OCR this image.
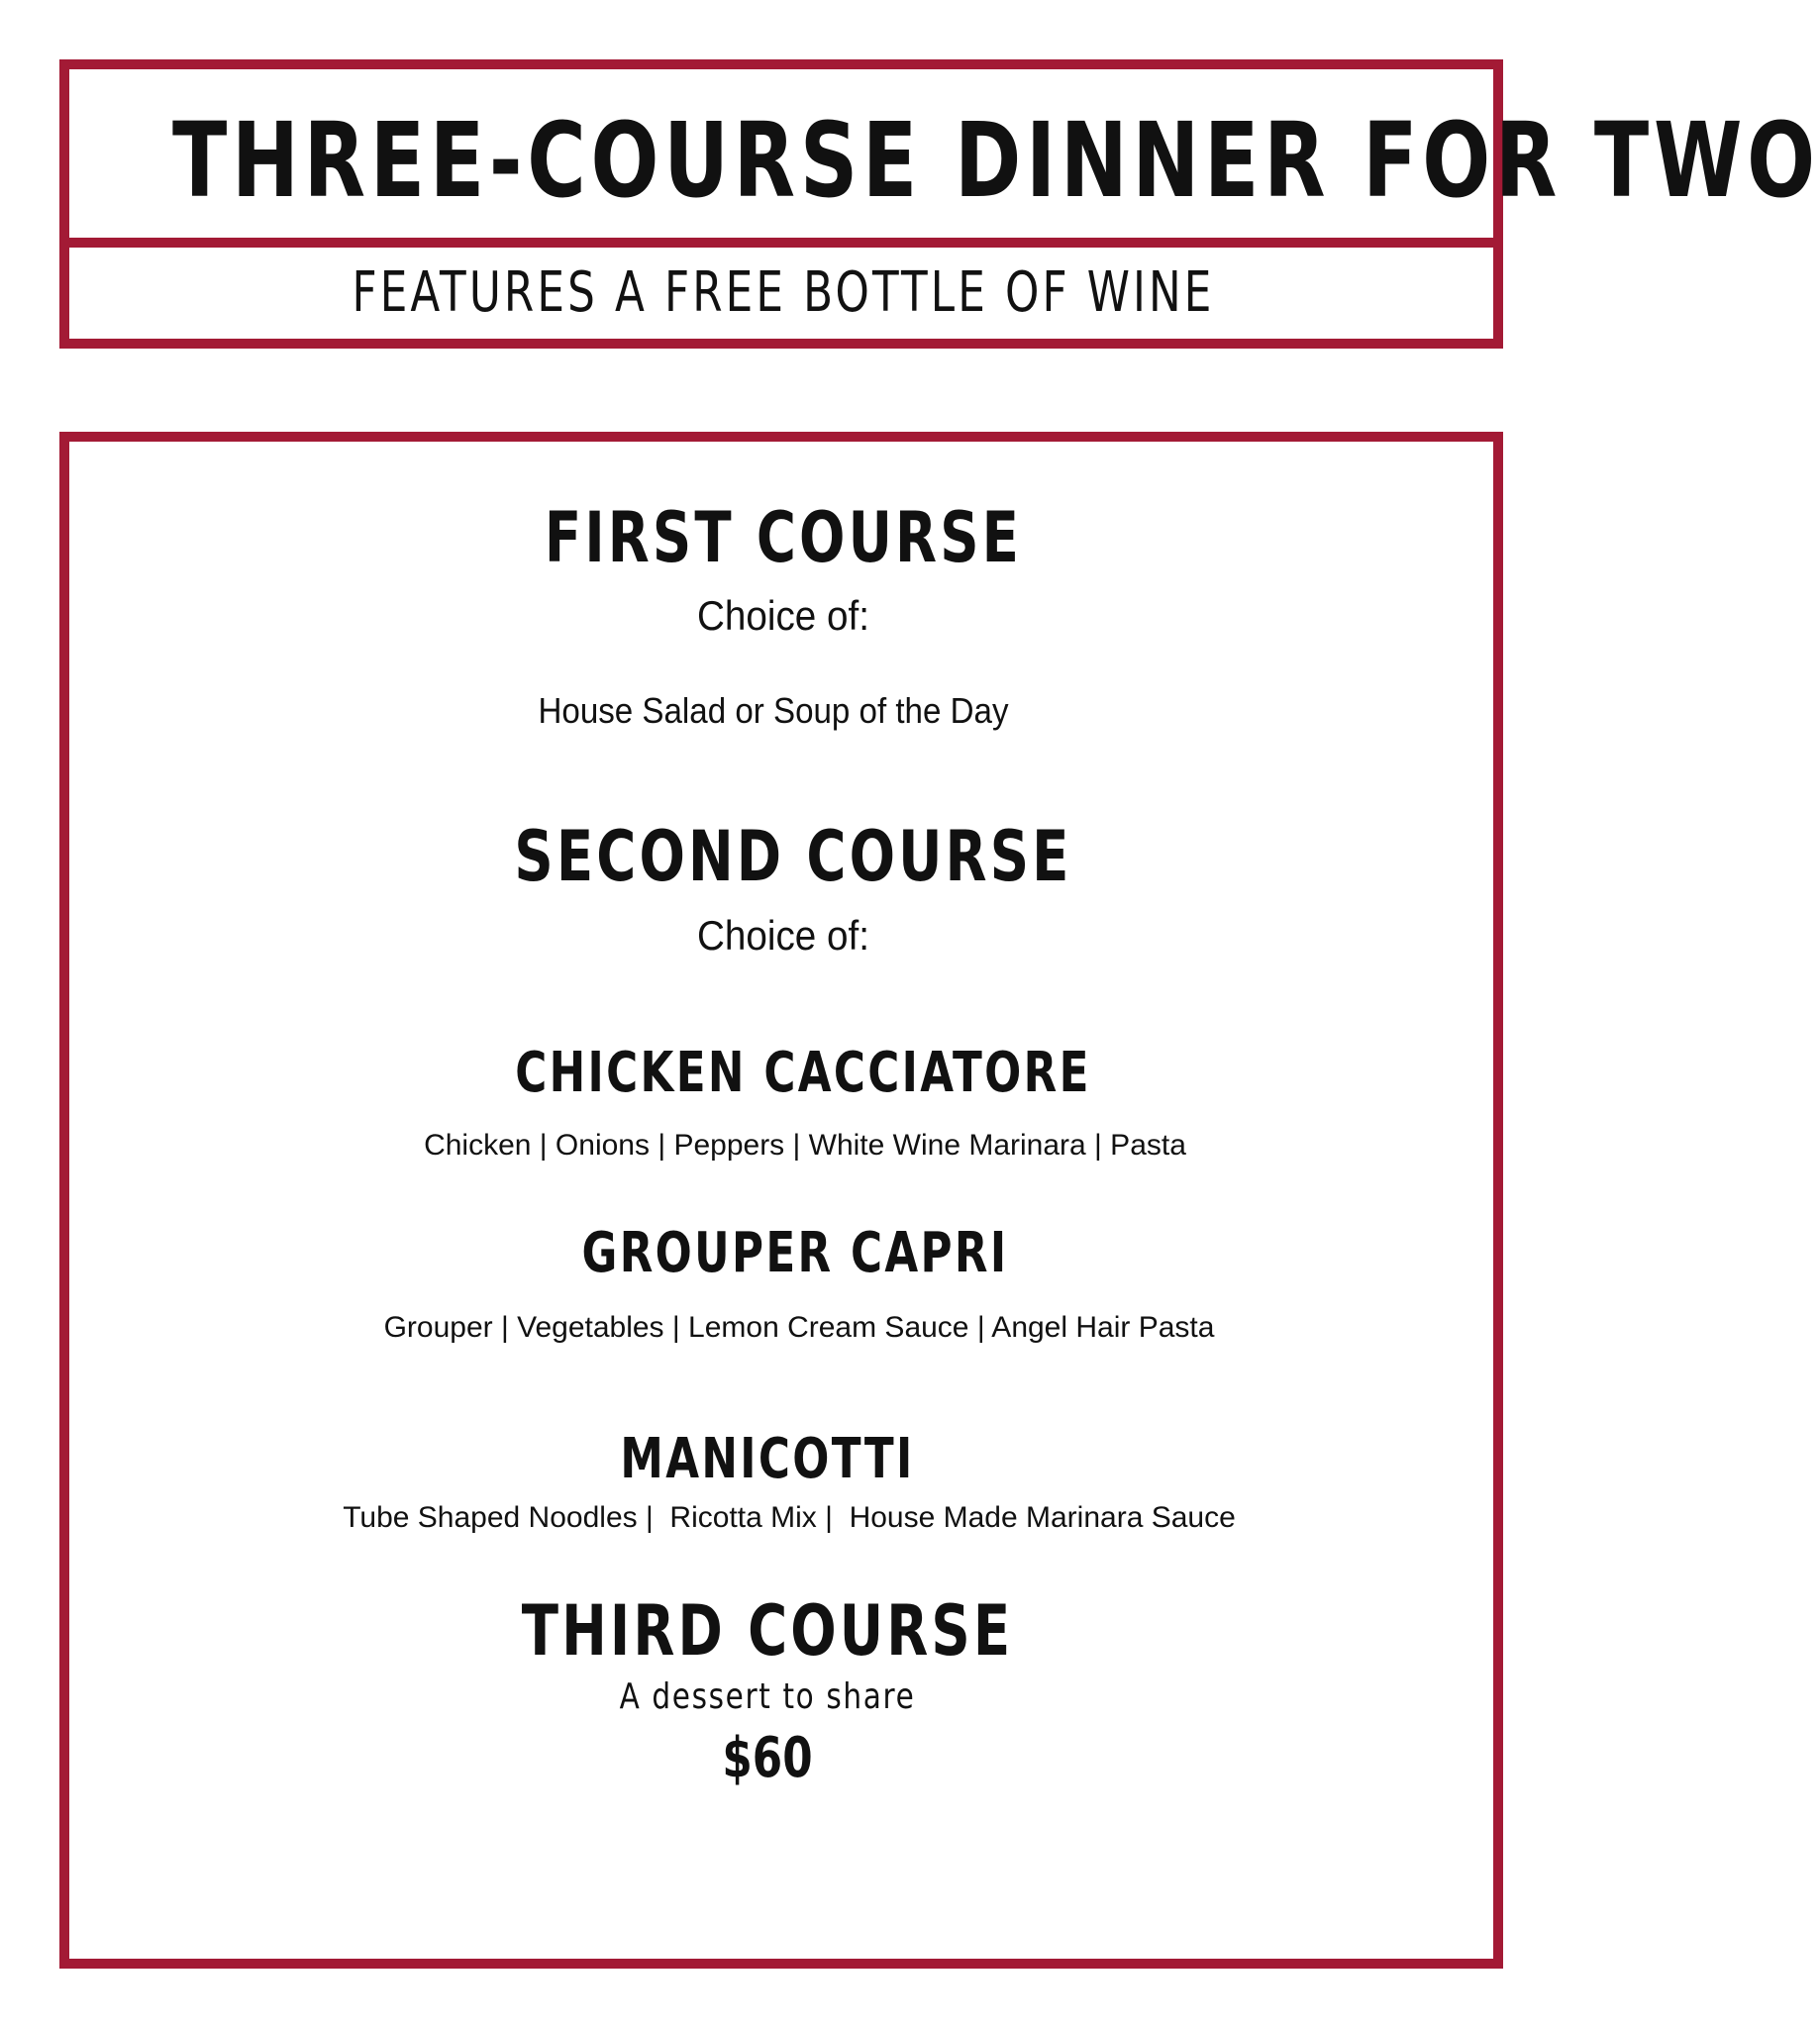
THREE-COURSE DINNER FOR TWO
FEATURES A FREE BOTTLE OF WINE
FIRST COURSE
Choice of:
House Salad or Soup of the Day
SECOND COURSE
Choice of:
CHICKEN CACCIATORE
Chicken | Onions | Peppers | White Wine Marinara | Pasta
GROUPER CAPRI
Grouper | Vegetables | Lemon Cream Sauce | Angel Hair Pasta
MANICOTTI
Tube Shaped Noodles |  Ricotta Mix |  House Made Marinara Sauce
THIRD COURSE
A dessert to share
$60
